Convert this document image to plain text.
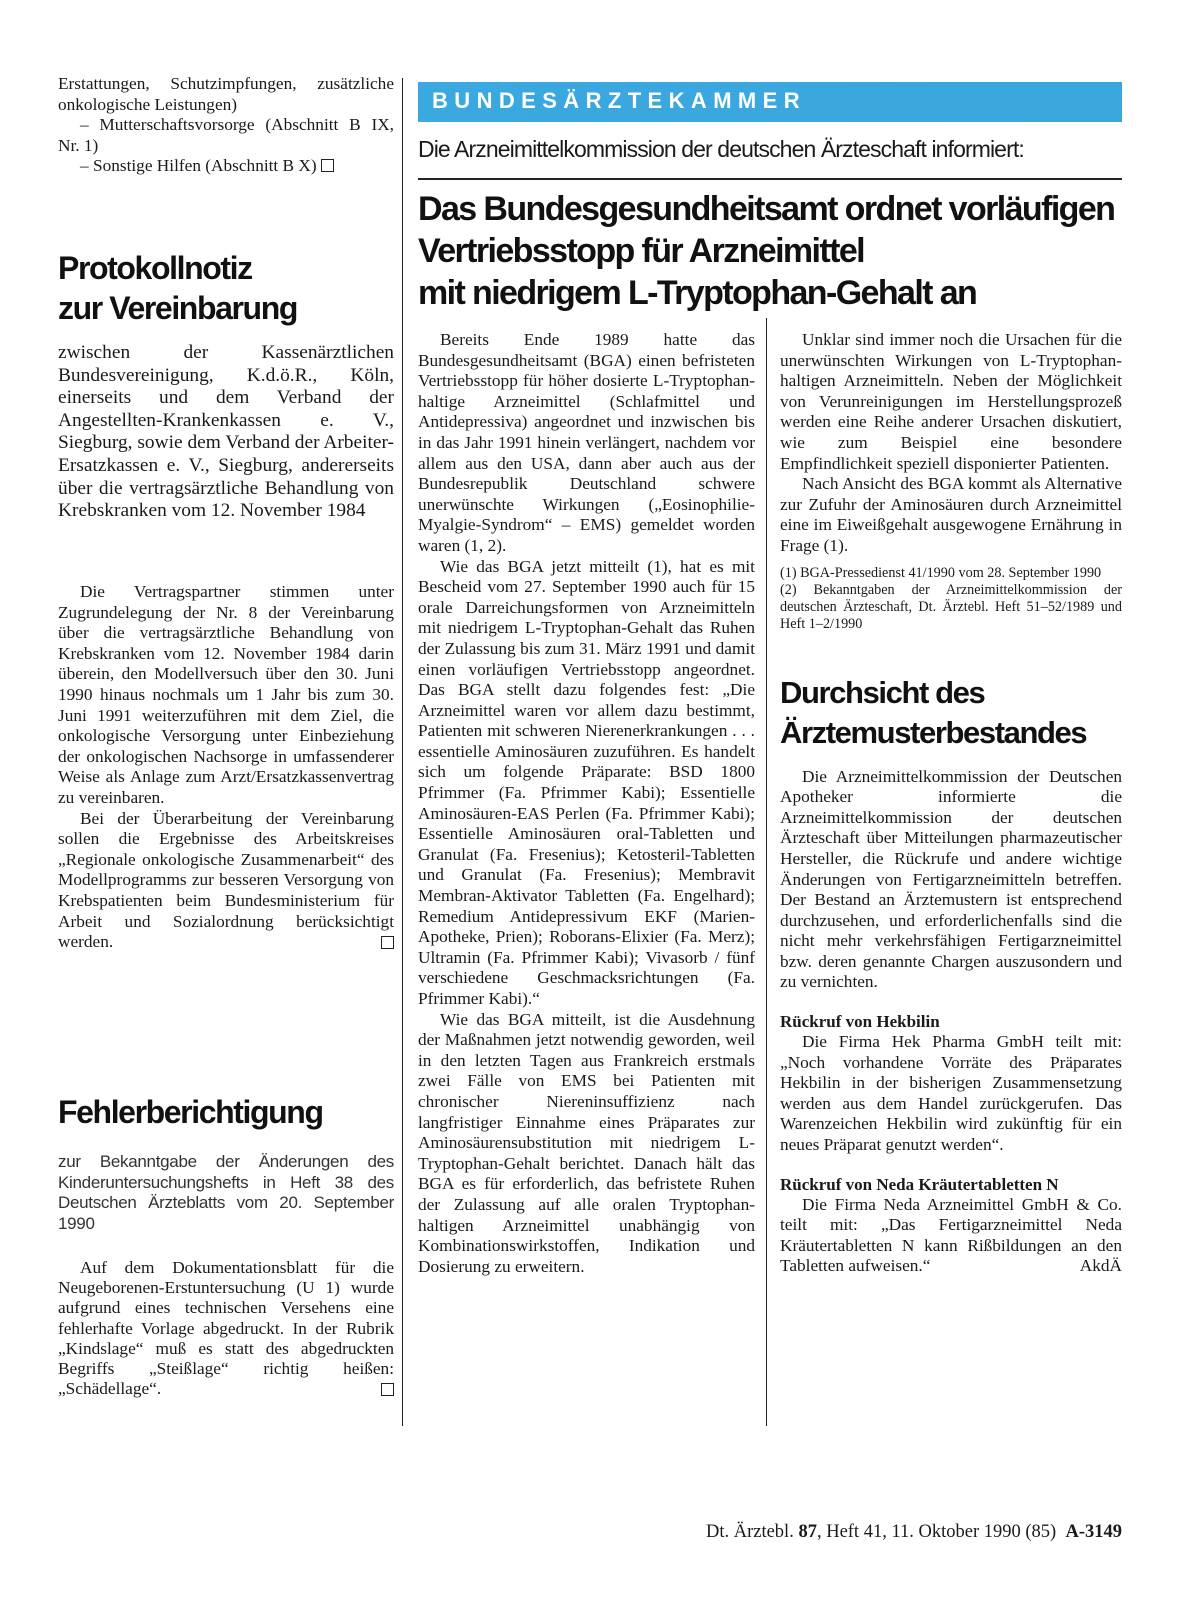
Erstattungen, Schutzimpfungen, zusätzliche onkologische Leistungen)

– Mutterschaftsvorsorge (Abschnitt B IX, Nr. 1)

– Sonstige Hilfen (Abschnitt B X)

Protokollnotiz
zur Vereinbarung

zwischen der Kassenärztlichen Bundesvereinigung, K.d.ö.R., Köln, einerseits und dem Verband der Angestellten-Krankenkassen e. V., Siegburg, sowie dem Verband der Arbeiter-Ersatzkassen e. V., Siegburg, andererseits über die vertragsärztliche Behandlung von Krebskranken vom 12. November 1984

Die Vertragspartner stimmen unter Zugrundelegung der Nr. 8 der Vereinbarung über die vertragsärztliche Behandlung von Krebskranken vom 12. November 1984 darin überein, den Modellversuch über den 30. Juni 1990 hinaus nochmals um 1 Jahr bis zum 30. Juni 1991 weiterzuführen mit dem Ziel, die onkologische Versorgung unter Einbeziehung der onkologischen Nachsorge in umfassenderer Weise als Anlage zum Arzt/Ersatzkassenvertrag zu vereinbaren.

Bei der Überarbeitung der Vereinbarung sollen die Ergebnisse des Arbeitskreises „Regionale onkologische Zusammenarbeit“ des Modellprogramms zur besseren Versorgung von Krebspatienten beim Bundesministerium für Arbeit und Sozialordnung berücksichtigt werden.

Fehlerberichtigung

zur Bekanntgabe der Änderungen des Kinderuntersuchungshefts in Heft 38 des Deutschen Ärzteblatts vom 20. September 1990

Auf dem Dokumentationsblatt für die Neugeborenen-Erstuntersuchung (U 1) wurde aufgrund eines technischen Versehens eine fehlerhafte Vorlage abgedruckt. In der Rubrik „Kindslage“ muß es statt des abgedruckten Begriffs „Steißlage“ richtig heißen: „Schädellage“.

BUNDESÄRZTEKAMMER
Die Arzneimittelkommission der deutschen Ärzteschaft informiert:
Das Bundesgesundheitsamt ordnet vorläufigen
Vertriebsstopp für Arzneimittel
mit niedrigem L-Tryptophan-Gehalt an

Bereits Ende 1989 hatte das Bundesgesundheitsamt (BGA) einen befristeten Vertriebsstopp für höher dosierte L-Tryptophan-haltige Arzneimittel (Schlafmittel und Antidepressiva) angeordnet und inzwischen bis in das Jahr 1991 hinein verlängert, nachdem vor allem aus den USA, dann aber auch aus der Bundesrepublik Deutschland schwere unerwünschte Wirkungen („Eosinophilie-Myalgie-Syndrom“ – EMS) gemeldet worden waren (1, 2).

Wie das BGA jetzt mitteilt (1), hat es mit Bescheid vom 27. September 1990 auch für 15 orale Darreichungsformen von Arzneimitteln mit niedrigem L-Tryptophan-Gehalt das Ruhen der Zulassung bis zum 31. März 1991 und damit einen vorläufigen Vertriebsstopp angeordnet. Das BGA stellt dazu folgendes fest: „Die Arzneimittel waren vor allem dazu bestimmt, Patienten mit schweren Nierenerkrankungen . . . essentielle Aminosäuren zuzuführen. Es handelt sich um folgende Präparate: BSD 1800 Pfrimmer (Fa. Pfrimmer Kabi); Essentielle Aminosäuren-EAS Perlen (Fa. Pfrimmer Kabi); Essentielle Aminosäuren oral-Tabletten und Granulat (Fa. Fresenius); Ketosteril-Tabletten und Granulat (Fa. Fresenius); Membravit Membran-Aktivator Tabletten (Fa. Engelhard); Remedium Antidepressivum EKF (Marien-Apotheke, Prien); Roborans-Elixier (Fa. Merz); Ultramin (Fa. Pfrimmer Kabi); Vivasorb / fünf verschiedene Geschmacksrichtungen (Fa. Pfrimmer Kabi).“

Wie das BGA mitteilt, ist die Ausdehnung der Maßnahmen jetzt notwendig geworden, weil in den letzten Tagen aus Frankreich erstmals zwei Fälle von EMS bei Patienten mit chronischer Niereninsuffizienz nach langfristiger Einnahme eines Präparates zur Aminosäurensubstitution mit niedrigem L-Tryptophan-Gehalt berichtet. Danach hält das BGA es für erforderlich, das befristete Ruhen der Zulassung auf alle oralen Tryptophan-haltigen Arzneimittel unabhängig von Kombinationswirkstoffen, Indikation und Dosierung zu erweitern.

Unklar sind immer noch die Ursachen für die unerwünschten Wirkungen von L-Tryptophan-haltigen Arzneimitteln. Neben der Möglichkeit von Verunreinigungen im Herstellungsprozeß werden eine Reihe anderer Ursachen diskutiert, wie zum Beispiel eine besondere Empfindlichkeit speziell disponierter Patienten.

Nach Ansicht des BGA kommt als Alternative zur Zufuhr der Aminosäuren durch Arzneimittel eine im Eiweißgehalt ausgewogene Ernährung in Frage (1).

(1) BGA-Pressedienst 41/1990 vom 28. September 1990

(2) Bekanntgaben der Arzneimittelkommission der deutschen Ärzteschaft, Dt. Ärztebl. Heft 51–52/1989 und Heft 1–2/1990

Durchsicht des
Ärztemusterbestandes

Die Arzneimittelkommission der Deutschen Apotheker informierte die Arzneimittelkommission der deutschen Ärzteschaft über Mitteilungen pharmazeutischer Hersteller, die Rückrufe und andere wichtige Änderungen von Fertigarzneimitteln betreffen. Der Bestand an Ärztemustern ist entsprechend durchzusehen, und erforderlichenfalls sind die nicht mehr verkehrsfähigen Fertigarzneimittel bzw. deren genannte Chargen auszusondern und zu vernichten.

Rückruf von Hekbilin

Die Firma Hek Pharma GmbH teilt mit: „Noch vorhandene Vorräte des Präparates Hekbilin in der bisherigen Zusammensetzung werden aus dem Handel zurückgerufen. Das Warenzeichen Hekbilin wird zukünftig für ein neues Präparat genutzt werden“.

Rückruf von Neda Kräutertabletten N

Die Firma Neda Arzneimittel GmbH & Co. teilt mit: „Das Fertigarzneimittel Neda Kräutertabletten N kann Rißbildungen an den Tabletten aufweisen.“	AkdÄ

Dt. Ärztebl. 87, Heft 41, 11. Oktober 1990 (85) A-3149
